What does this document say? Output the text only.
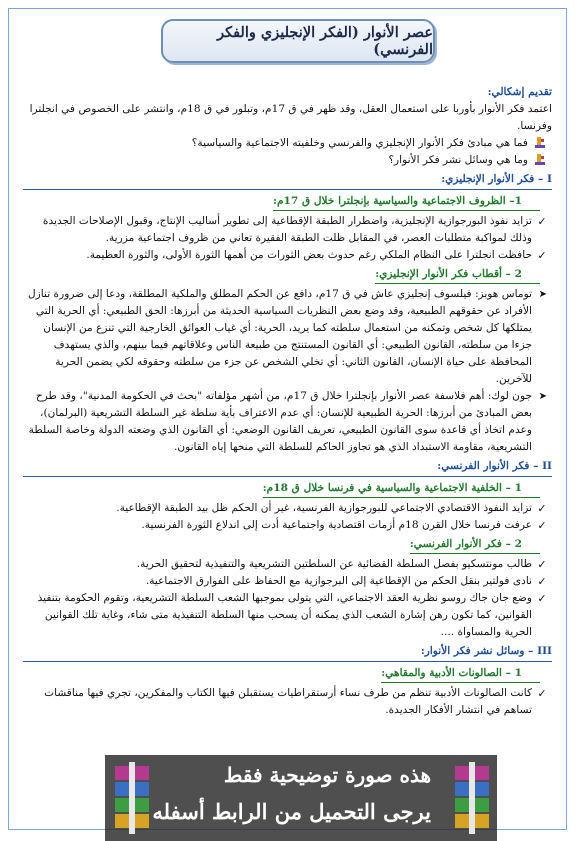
عصر الأنوار (الفكر الإنجليزي والفكر الفرنسي)

تقديم إشكالي:

اعتمد فكر الأنوار بأوربا على استعمال العقل، وقد ظهر في ق 17م، وتبلور في ق 18م، وانتشر على الخصوص في انجلترا وفرنسا.

فما هي مبادئ فكر الأنوار الإنجليزي والفرنسي وخلفيته الاجتماعية والسياسية؟

وما هي وسائل نشر فكر الأنوار؟

I – فكر الأنوار الإنجليزي:

1– الظروف الاجتماعية والسياسية بإنجلترا خلال ق 17م:

✓

تزايد نفوذ البورجوازية الإنجليزية، واضطرار الطبقة الإقطاعية إلى تطوير أساليب الإنتاج، وقبول الإصلاحات الجديدة وذلك لمواكبة متطلبات العصر، في المقابل ظلت الطبقة الفقيرة تعاني من ظروف اجتماعية مزرية.

✓

حافظت انجلترا على النظام الملكي رغم حدوث بعض الثورات من أهمها الثورة الأولى، والثورة العظيمة.

2 – أقطاب فكر الأنوار الإنجليزي:

➤

توماس هوبز: فيلسوف إنجليزي عاش في ق 17م، دافع عن الحكم المطلق والملكية المطلقة، ودعا إلى ضرورة تنازل الأفراد عن حقوقهم الطبيعية، وقد وضع بعض النظريات السياسية الحديثة من أبرزها: الحق الطبيعي: أي الحرية التي يمتلكها كل شخص وتمكنه من استعمال سلطته كما يريد، الحرية: أي غياب العوائق الخارجية التي تنزع من الإنسان جزءا من سلطته، القانون الطبيعي: أي القانون المستنتج من طبيعة الناس وعلاقاتهم فيما بينهم، والذي يستهدف المحافظة على حياة الإنسان، القانون الثاني: أي تخلي الشخص عن جزء من سلطته وحقوقه لكي يضمن الحرية للآخرين.

➤

جون لوك: أهم فلاسفة عصر الأنوار بإنجلترا خلال ق 17م، من أشهر مؤلفاته "بحث في الحكومة المدنية"، وقد طرح بعض المبادئ من أبرزها: الحرية الطبيعية للإنسان: أي عدم الاعتراف بأية سلطة غير السلطة التشريعية (البرلمان)، وعدم اتخاذ أي قاعدة سوى القانون الطبيعي، تعريف القانون الوضعي: أي القانون الذي وضعته الدولة وخاصة السلطة التشريعية، مقاومة الاستبداد الذي هو تجاوز الحاكم للسلطة التي منحها إياه القانون.

II – فكر الأنوار الفرنسي:

1 – الخلفية الاجتماعية والسياسية في فرنسا خلال ق 18م:

✓

تزايد النفوذ الاقتصادي الاجتماعي للبورجوازية الفرنسية، غير أن الحكم ظل بيد الطبقة الإقطاعية.

✓

عرفت فرنسا خلال القرن 18م أزمات اقتصادية واجتماعية أدت إلى اندلاع الثورة الفرنسية.

2 – فكر الأنوار الفرنسي:

✓

طالب مونتسكيو بفصل السلطة القضائية عن السلطتين التشريعية والتنفيذية لتحقيق الحرية.

✓

نادى فولتير بنقل الحكم من الإقطاعية إلى البرجوازية مع الحفاظ على الفوارق الاجتماعية.

✓

وضع جان جاك روسو نظرية العقد الاجتماعي، التي يتولى بموجبها الشعب السلطة التشريعية، وتقوم الحكومة بتنفيذ القوانين، كما تكون رهن إشارة الشعب الذي يمكنه أن يسحب منها السلطة التنفيذية متى شاء، وغاية تلك القوانين الحرية والمساواة ....

III – وسائل نشر فكر الأنوار:

1 – الصالونات الأدبية والمقاهي:

✓

كانت الصالونات الأدبية تنظم من طرف نساء أرستقراطيات يستقبلن فيها الكتاب والمفكرين، تجري فيها مناقشات تساهم في انتشار الأفكار الجديدة.

هذه صورة توضيحية فقط
يرجى التحميل من الرابط أسفله
